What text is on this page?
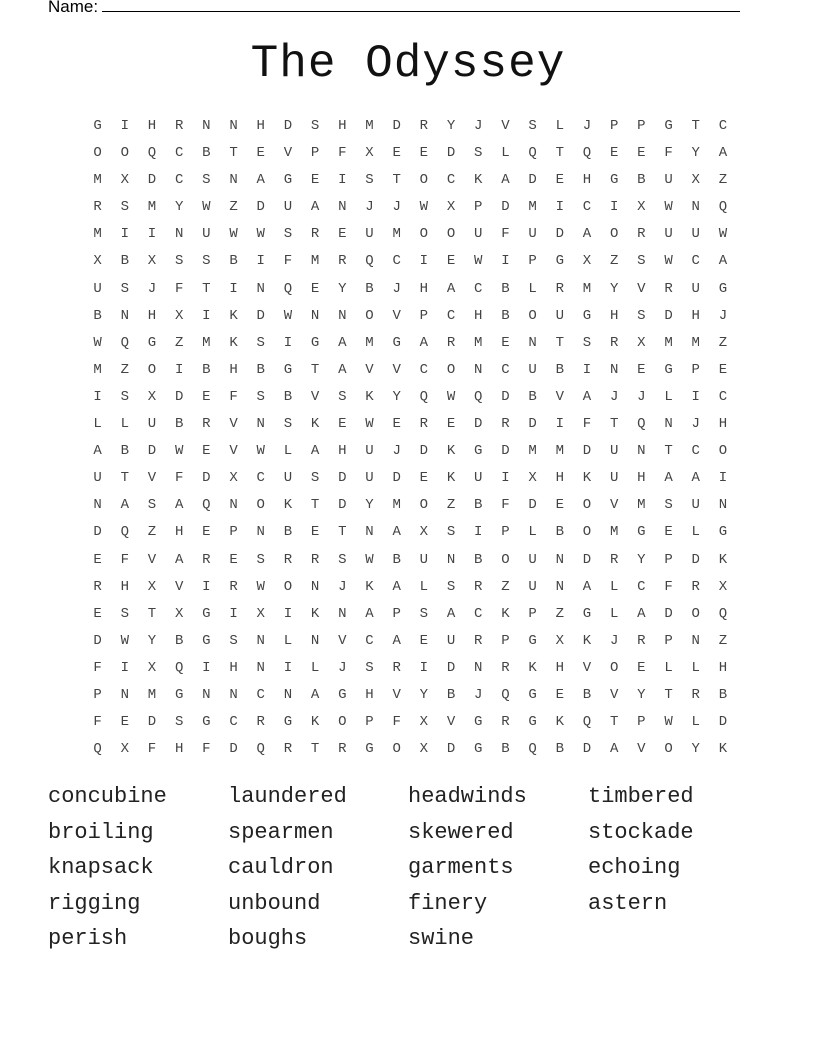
Name:
The Odyssey
G	I	H	R	N	N	H	D	S	H	M	D	R	Y	J	V	S	L	J	P	P	G	T	C
O	O	Q	C	B	T	E	V	P	F	X	E	E	D	S	L	Q	T	Q	E	E	F	Y	A
M	X	D	C	S	N	A	G	E	I	S	T	O	C	K	A	D	E	H	G	B	U	X	Z
R	S	M	Y	W	Z	D	U	A	N	J	J	W	X	P	D	M	I	C	I	X	W	N	Q
M	I	I	N	U	W	W	S	R	E	U	M	O	O	U	F	U	D	A	O	R	U	U	W
X	B	X	S	S	B	I	F	M	R	Q	C	I	E	W	I	P	G	X	Z	S	W	C	A
U	S	J	F	T	I	N	Q	E	Y	B	J	H	A	C	B	L	R	M	Y	V	R	U	G
B	N	H	X	I	K	D	W	N	N	O	V	P	C	H	B	O	U	G	H	S	D	H	J
W	Q	G	Z	M	K	S	I	G	A	M	G	A	R	M	E	N	T	S	R	X	M	M	Z
M	Z	O	I	B	H	B	G	T	A	V	V	C	O	N	C	U	B	I	N	E	G	P	E
I	S	X	D	E	F	S	B	V	S	K	Y	Q	W	Q	D	B	V	A	J	J	L	I	C
L	L	U	B	R	V	N	S	K	E	W	E	R	E	D	R	D	I	F	T	Q	N	J	H
A	B	D	W	E	V	W	L	A	H	U	J	D	K	G	D	M	M	D	U	N	T	C	O
U	T	V	F	D	X	C	U	S	D	U	D	E	K	U	I	X	H	K	U	H	A	A	I
N	A	S	A	Q	N	O	K	T	D	Y	M	O	Z	B	F	D	E	O	V	M	S	U	N
D	Q	Z	H	E	P	N	B	E	T	N	A	X	S	I	P	L	B	O	M	G	E	L	G
E	F	V	A	R	E	S	R	R	S	W	B	U	N	B	O	U	N	D	R	Y	P	D	K
R	H	X	V	I	R	W	O	N	J	K	A	L	S	R	Z	U	N	A	L	C	F	R	X
E	S	T	X	G	I	X	I	K	N	A	P	S	A	C	K	P	Z	G	L	A	D	O	Q
D	W	Y	B	G	S	N	L	N	V	C	A	E	U	R	P	G	X	K	J	R	P	N	Z
F	I	X	Q	I	H	N	I	L	J	S	R	I	D	N	R	K	H	V	O	E	L	L	H
P	N	M	G	N	N	C	N	A	G	H	V	Y	B	J	Q	G	E	B	V	Y	T	R	B
F	E	D	S	G	C	R	G	K	O	P	F	X	V	G	R	G	K	Q	T	P	W	L	D
Q	X	F	H	F	D	Q	R	T	R	G	O	X	D	G	B	Q	B	D	A	V	O	Y	K
concubine	laundered	headwinds	timbered
broiling	spearmen	skewered	stockade
knapsack	cauldron	garments	echoing
rigging	unbound	finery	astern
perish	boughs	swine
